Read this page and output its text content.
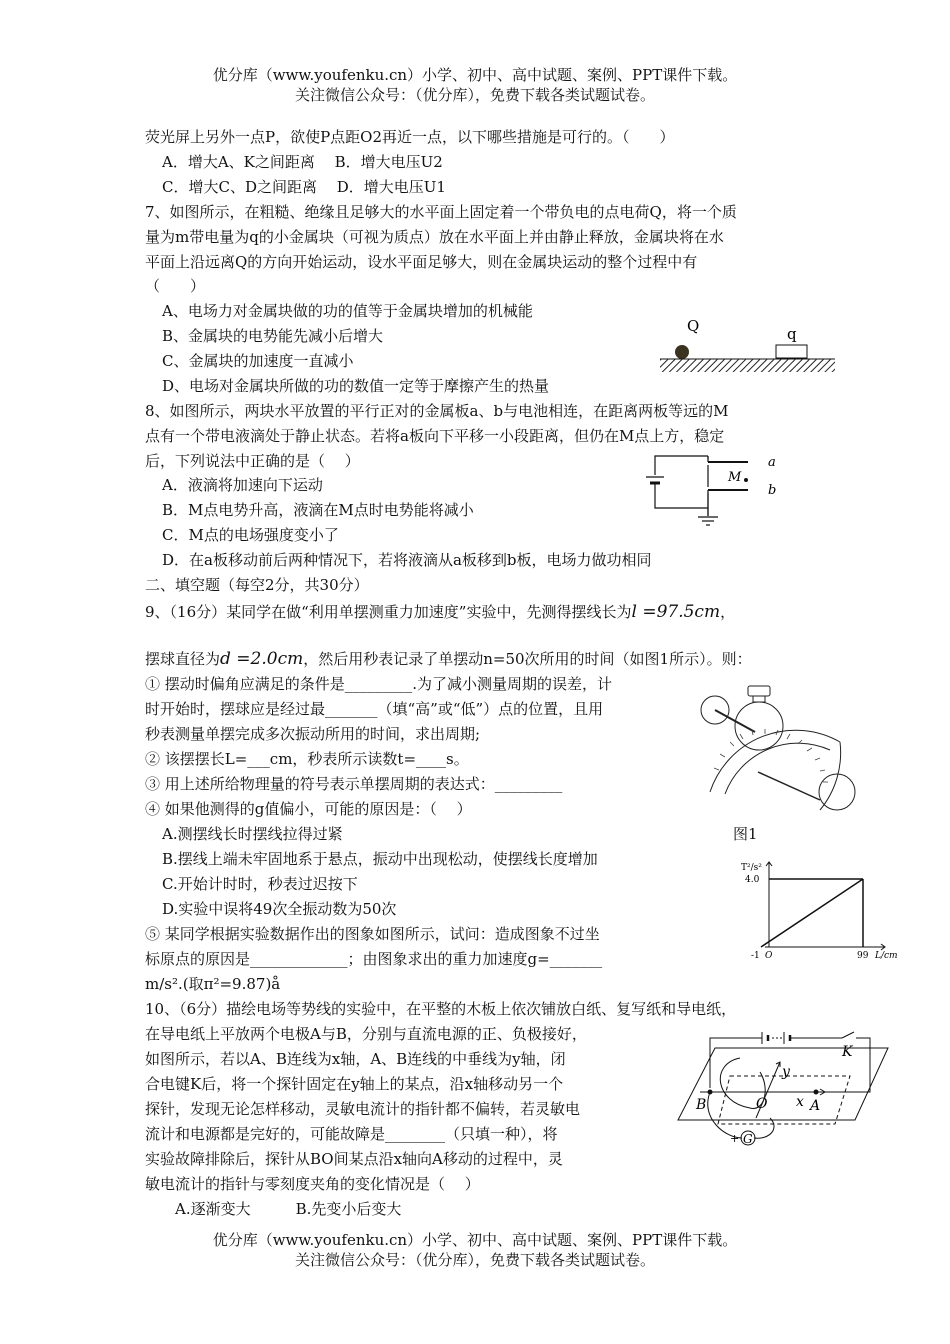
优分库（www.youfenku.cn）小学、初中、高中试题、案例、PPT课件下载。
关注微信公众号：（优分库），免费下载各类试题试卷。
荧光屏上另外一点P，欲使P点距O2再近一点，以下哪些措施是可行的。（　　）
A．增大A、K之间距离　 B．增大电压U2
C．增大C、D之间距离　 D．增大电压U1
7、如图所示，在粗糙、绝缘且足够大的水平面上固定着一个带负电的点电荷Q，将一个质
量为m带电量为q的小金属块（可视为质点）放在水平面上并由静止释放，金属块将在水
平面上沿远离Q的方向开始运动，设水平面足够大，则在金属块运动的整个过程中有
（　　）
A、电场力对金属块做的功的值等于金属块增加的机械能
B、金属块的电势能先减小后增大
C、金属块的加速度一直减小
D、电场对金属块所做的功的数值一定等于摩擦产生的热量
Q	q
8、如图所示，两块水平放置的平行正对的金属板a、b与电池相连，在距离两板等远的M
点有一个带电液滴处于静止状态。若将a板向下平移一小段距离，但仍在M点上方，稳定
后，下列说法中正确的是（　 ）
A．液滴将加速向下运动
B．M点电势升高，液滴在M点时电势能将减小
C．M点的电场强度变小了
D．在a板移动前后两种情况下，若将液滴从a板移到b板，电场力做功相同
M
a
b
二、填空题（每空2分，共30分）
9、（16分）某同学在做“利用单摆测重力加速度”实验中，先测得摆线长为l =97.5cm，
摆球直径为d =2.0cm，然后用秒表记录了单摆动n=50次所用的时间（如图1所示）。则：
① 摆动时偏角应满足的条件是_________.为了减小测量周期的误差，计
时开始时，摆球应是经过最_______（填“高”或“低”）点的位置，且用
秒表测量单摆完成多次振动所用的时间，求出周期;
② 该摆摆长L=___cm，秒表所示读数t=____s。
③ 用上述所给物理量的符号表示单摆周期的表达式：_________
④ 如果他测得的g值偏小，可能的原因是：（　 ）
A.测摆线长时摆线拉得过紧
B.摆线上端未牢固地系于悬点，振动中出现松动，使摆线长度增加
C.开始计时时，秒表过迟按下
D.实验中误将49次全振动数为50次
⑤ 某同学根据实验数据作出的图象如图所示，试问：造成图象不过坐
标原点的原因是_____________；由图象求出的重力加速度g=_______
m/s².(取π²=9.87)å
图1
T²/s²
4.0
-1 O	99 L/cm
10、（6分）描绘电场等势线的实验中，在平整的木板上依次铺放白纸、复写纸和导电纸，
在导电纸上平放两个电极A与B，分别与直流电源的正、负极接好，
如图所示，若以A、B连线为x轴，A、B连线的中垂线为y轴，闭
合电键K后，将一个探针固定在y轴上的某点，沿x轴移动另一个
探针，发现无论怎样移动，灵敏电流计的指针都不偏转，若灵敏电
流计和电源都是完好的，可能故障是________（只填一种），将
实验故障排除后，探针从BO间某点沿x轴向A移动的过程中，灵
敏电流计的指针与零刻度夹角的变化情况是（　 ）
A.逐渐变大　　　B.先变小后变大
K
y
B	O x A
G
+
优分库（www.youfenku.cn）小学、初中、高中试题、案例、PPT课件下载。
关注微信公众号：（优分库），免费下载各类试题试卷。
